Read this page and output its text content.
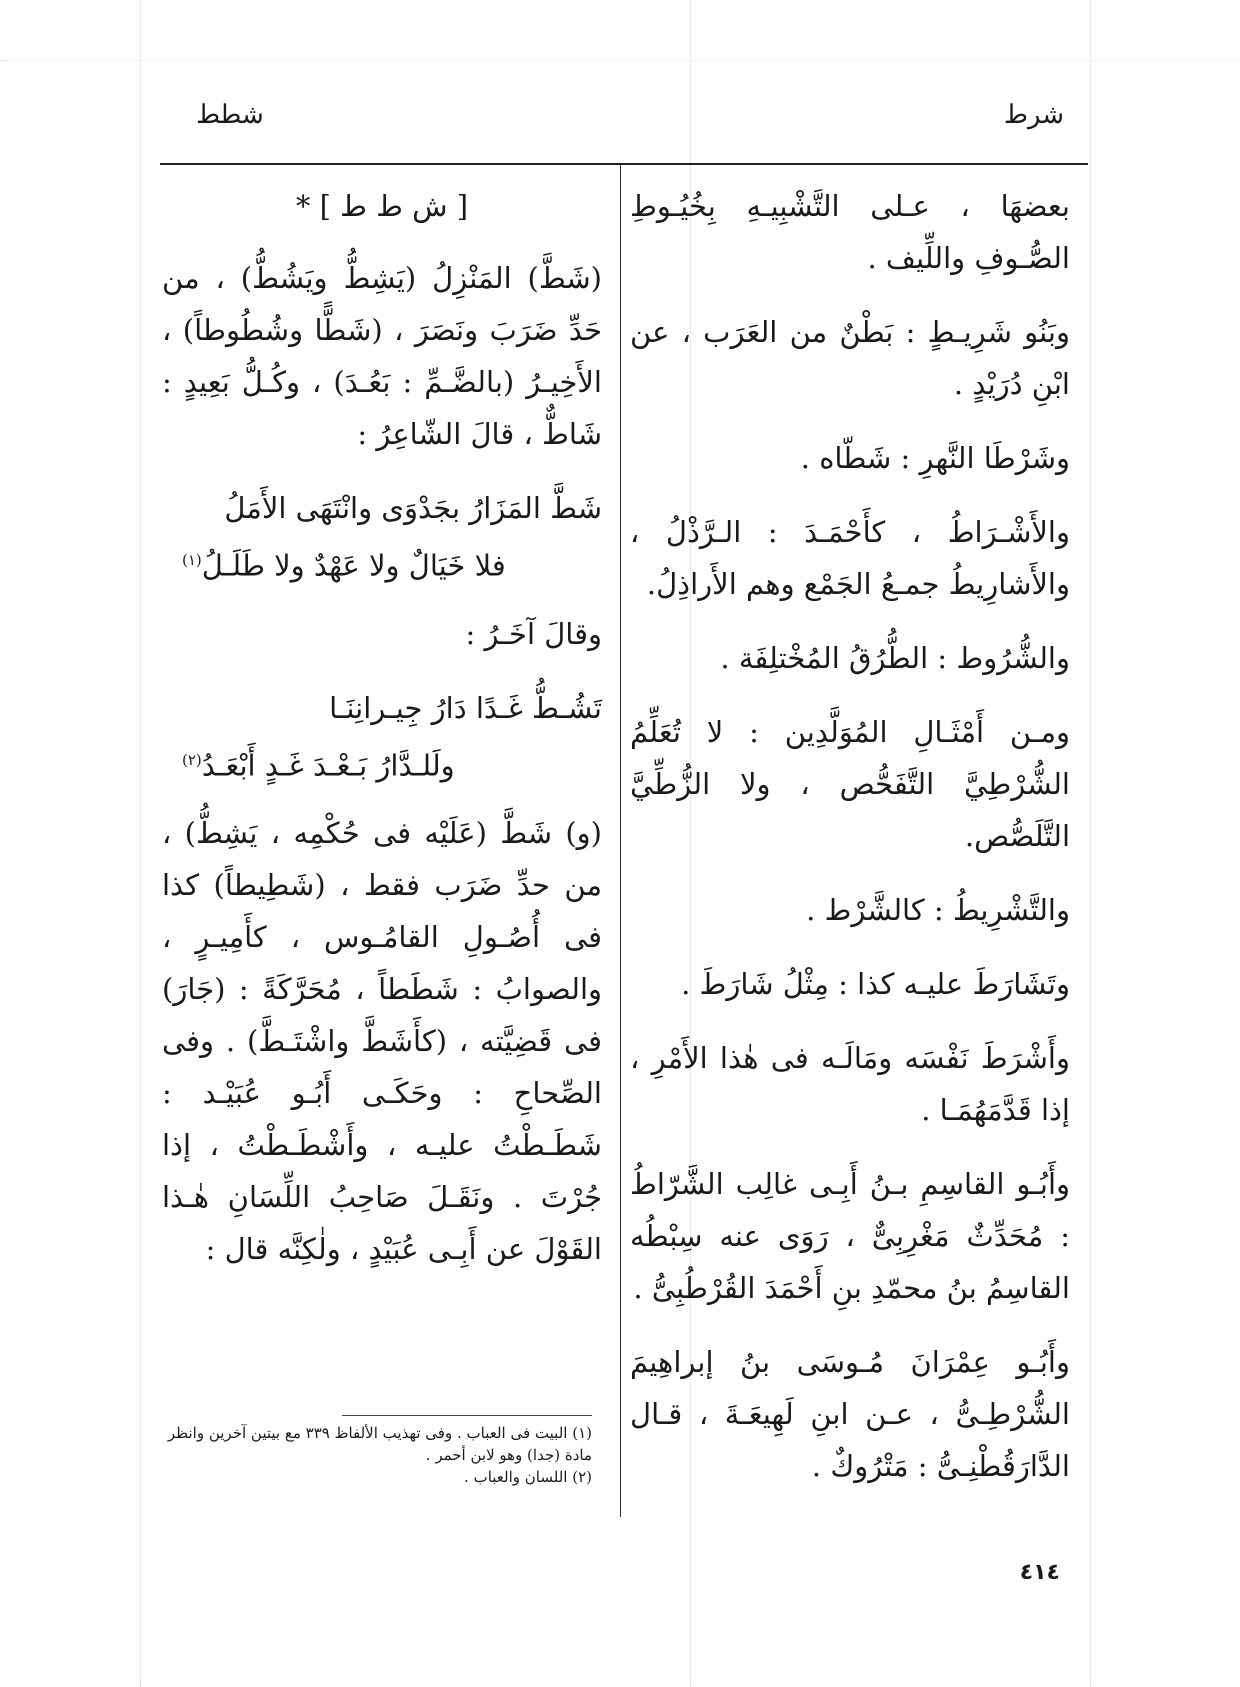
شرط
شطط

بعضهَا ، عـلى التَّشْبِيـهِ بِخُيُـوطِ الصُّـوفِ واللِّيف .

وبَنُو شَرِيـطٍ : بَطْنٌ من العَرَب ، عن ابْنِ دُرَيْدٍ .

وشَرْطَا النَّهرِ : شَطّاه .

والأَشْـرَاطُ ، كأَحْمَـدَ : الـرَّذْلُ ، والأَشارِيطُ جمـعُ الجَمْع وهم الأَراذِلُ.

والشُّرُوط : الطُّرُقُ المُخْتلِفَة .

ومـن أَمْثَـالِ المُوَلَّدِين : لا تُعَلِّمُ الشُّرْطِيَّ التَّفَحُّص ، ولا الزُّطِّيَّ التَّلَصُّص.

والتَّشْرِيطُ : كالشَّرْط .

وتَشَارَطَ عليـه كذا : مِثْلُ شَارَطَ .

وأَشْرَطَ نَفْسَه ومَالَـه فى هٰذا الأَمْرِ ، إذا قَدَّمَهُمَـا .

وأَبُـو القاسِمِ بـنُ أَبِـى غالِب الشَّرّاطُ : مُحَدِّثٌ مَغْرِبِىٌّ ، رَوَى عنه سِبْطُه القاسِمُ بنُ محمّدِ بنِ أَحْمَدَ القُرْطُبِىُّ .

وأَبُـو عِمْرَانَ مُـوسَى بنُ إبراهِيمَ الشُّرْطِـىُّ ، عـن ابنِ لَهِيعَـةَ ، قـال الدَّارَقُطْنِـىُّ : مَتْرُوكٌ .

[ ش ط ط ] *

(شَطَّ) المَنْزِلُ (يَشِطُّ ويَشُطُّ) ، من حَدِّ ضَرَبَ ونَصَرَ ، (شَطًّا وشُطُوطاً) ، الأَخِيـرُ (بالضَّـمِّ : بَعُـدَ) ، وكُـلُّ بَعِيدٍ : شَاطٌّ ، قالَ الشّاعِرُ :

شَطَّ المَزَارُ بجَدْوَى وانْتَهَى الأَمَلُ

فلا خَيَالٌ ولا عَهْدٌ ولا طَلَـلُ$^{(١)}$

وقالَ آخَـرُ :

تَشُـطُّ غَـدًا دَارُ جِيـرانِنَـا

ولَلـدَّارُ بَـعْـدَ غَـدٍ أَبْعَـدُ$^{(٢)}$

(و) شَطَّ (عَلَيْه فى حُكْمِه ، يَشِطُّ) ، من حدِّ ضَرَب فقط ، (شَطِيطاً) كذا فى أُصُـولِ القامُـوس ، كأَمِيـرٍ ، والصوابُ : شَطَطاً ، مُحَرَّكَةً : (جَارَ) فى قَضِيَّته ، (كأَشَطَّ واشْتَـطَّ) . وفى الصِّحاحِ : وحَكَـى أَبُـو عُبَيْـد : شَطَـطْتُ عليـه ، وأَشْطَـطْتُ ، إذا جُرْتَ . ونَقَـلَ صَاحِبُ اللِّسَانِ هٰـذا القَوْلَ عن أَبِـى عُبَيْدٍ ، ولٰكِنَّه قال :

(١) البيت فى العباب . وفى تهذيب الألفاظ ٣٣٩ مع بيتين آخرين وانظر مادة (جدا) وهو لابن أحمر .

(٢) اللسان والعباب .

٤١٤
